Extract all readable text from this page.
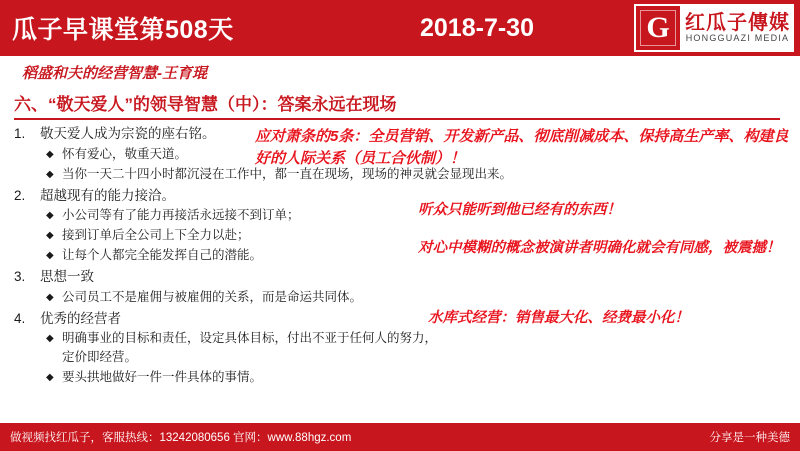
瓜子早课堂第508天	2018-7-30	G 红瓜子傳媒
HONGGUAZI MEDIA
稻盛和夫的经营智慧-王育琨
六、“敬天爱人”的领导智慧（中）：答案永远在现场
1.	敬天爱人成为宗瓷的座右铭。
◆ 怀有爱心，敬重天道。
◆ 当你一天二十四小时都沉浸在工作中，都一直在现场，现场的神灵就会显现出来。
2.	超越现有的能力接洽。
◆ 小公司等有了能力再接活永远接不到订单；
◆ 接到订单后全公司上下全力以赴；
◆ 让每个人都完全能发挥自己的潜能。
3.	思想一致
◆ 公司员工不是雇佣与被雇佣的关系，而是命运共同体。
4.	优秀的经营者
◆ 明确事业的目标和责任，设定具体目标，付出不亚于任何人的努力，定价即经营。
◆ 要头拱地做好一件一件具体的事情。
应对萧条的5条：全员营销、开发新产品、彻底削减成本、保持高生产率、构建良好的人际关系（员工合伙制）！
听众只能听到他已经有的东西！
对心中模糊的概念被演讲者明确化就会有同感，被震撼！
水库式经营：销售最大化、经费最小化！
做视频找红瓜子，客服热线：13242080656 官网：www.88hgz.com	分享是一种美德
